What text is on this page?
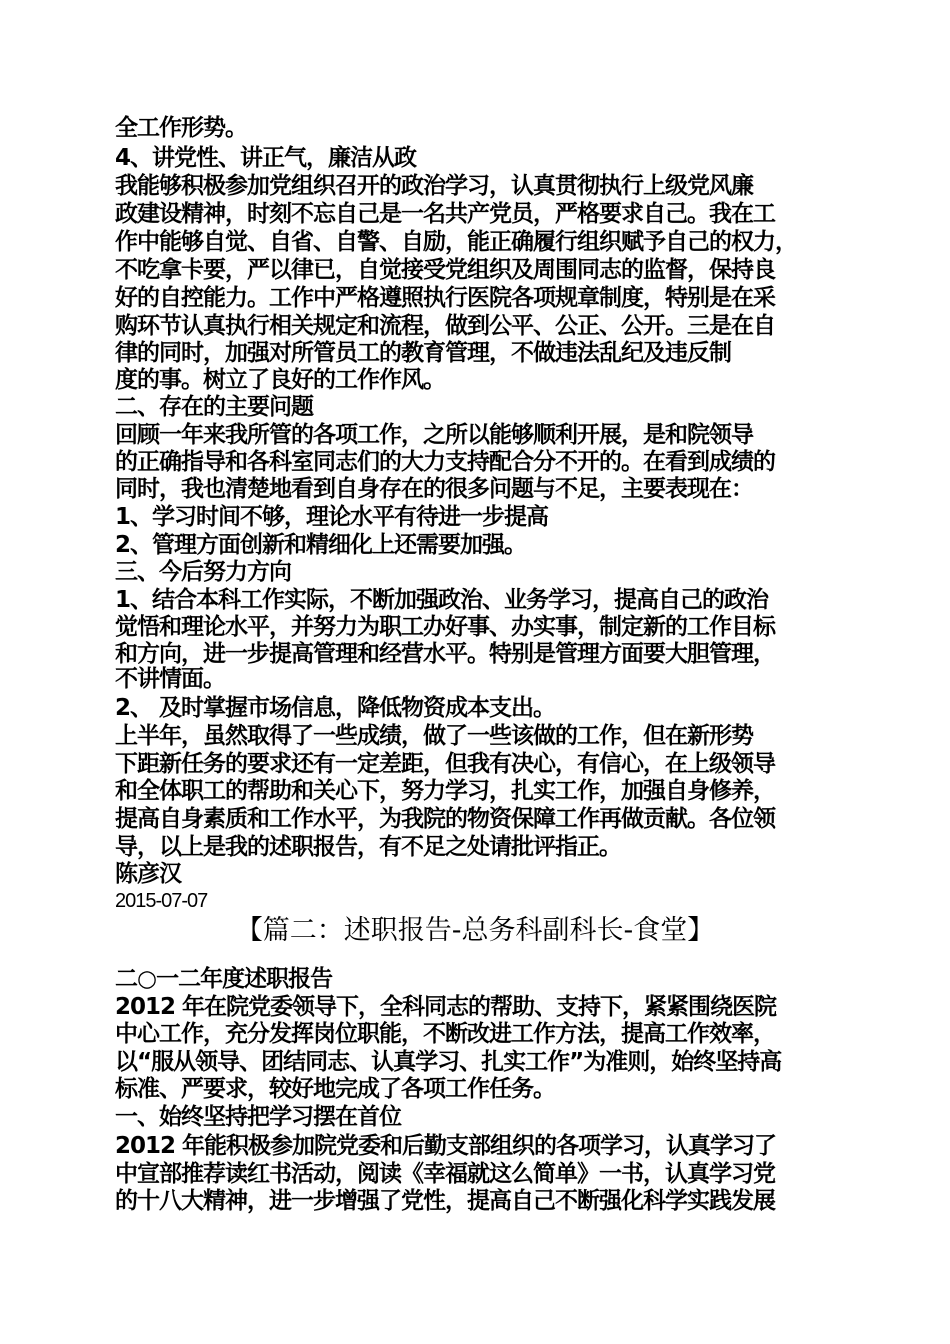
全工作形势。
4、讲党性、讲正气，廉洁从政
我能够积极参加党组织召开的政治学习，认真贯彻执行上级党风廉
政建设精神，时刻不忘自己是一名共产党员，严格要求自己。我在工
作中能够自觉、自省、自警、自励，能正确履行组织赋予自己的权力，
不吃拿卡要，严以律已，自觉接受党组织及周围同志的监督，保持良
好的自控能力。工作中严格遵照执行医院各项规章制度，特别是在采
购环节认真执行相关规定和流程，做到公平、公正、公开。三是在自
律的同时，加强对所管员工的教育管理，不做违法乱纪及违反制
度的事。树立了良好的工作作风。
二、存在的主要问题
回顾一年来我所管的各项工作，之所以能够顺利开展，是和院领导
的正确指导和各科室同志们的大力支持配合分不开的。在看到成绩的
同时，我也清楚地看到自身存在的很多问题与不足，主要表现在：
1、学习时间不够，理论水平有待进一步提高
2、管理方面创新和精细化上还需要加强。
三、今后努力方向
1、结合本科工作实际，不断加强政治、业务学习，提高自己的政治
觉悟和理论水平，并努力为职工办好事、办实事，制定新的工作目标
和方向，进一步提高管理和经营水平。特别是管理方面要大胆管理，
不讲情面。
2、 及时掌握市场信息，降低物资成本支出。
上半年，虽然取得了一些成绩，做了一些该做的工作，但在新形势
下距新任务的要求还有一定差距，但我有决心，有信心，在上级领导
和全体职工的帮助和关心下，努力学习，扎实工作，加强自身修养，
提高自身素质和工作水平，为我院的物资保障工作再做贡献。各位领
导，以上是我的述职报告，有不足之处请批评指正。
陈彦汉
2015-07-07
【篇二：述职报告-总务科副科长-食堂】
二○一二年度述职报告
2012 年在院党委领导下，全科同志的帮助、支持下，紧紧围绕医院
中心工作，充分发挥岗位职能，不断改进工作方法，提高工作效率，
以“服从领导、团结同志、认真学习、扎实工作”为准则，始终坚持高
标准、严要求，较好地完成了各项工作任务。
一、始终坚持把学习摆在首位
2012 年能积极参加院党委和后勤支部组织的各项学习，认真学习了
中宣部推荐读红书活动，阅读《幸福就这么简单》一书，认真学习党
的十八大精神，进一步增强了党性，提高自己不断强化科学实践发展
